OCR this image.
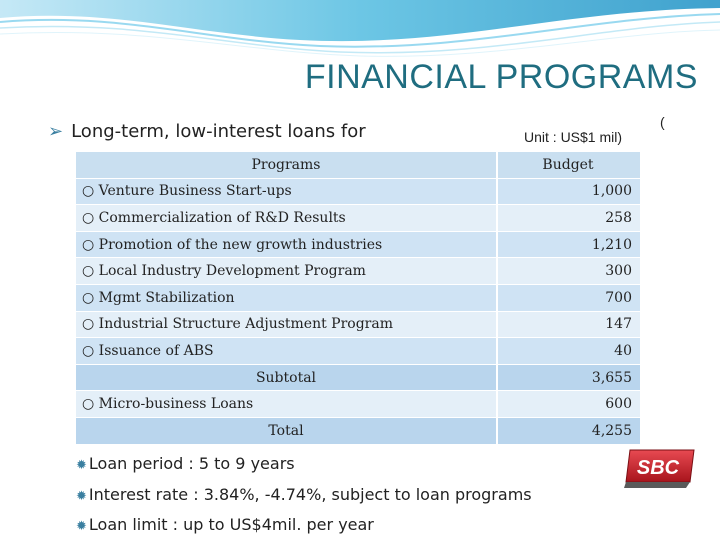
FINANCIAL PROGRAMS
➢ Long-term, low-interest loans for	Unit : US$1 mil)
(
Programs	Budget
○ Venture Business Start-ups	1,000
○ Commercialization of R&D Results	258
○ Promotion of the new growth industries	1,210
○ Local Industry Development Program	300
○ Mgmt Stabilization	700
○ Industrial Structure Adjustment Program	147
○ Issuance of ABS	40
Subtotal	3,655
○ Micro-business Loans	600
Total	4,255
✹ Loan period : 5 to 9 years
✹ Interest rate : 3.84%, -4.74%, subject to loan programs
✹ Loan limit : up to US$4mil. per year
SBC
